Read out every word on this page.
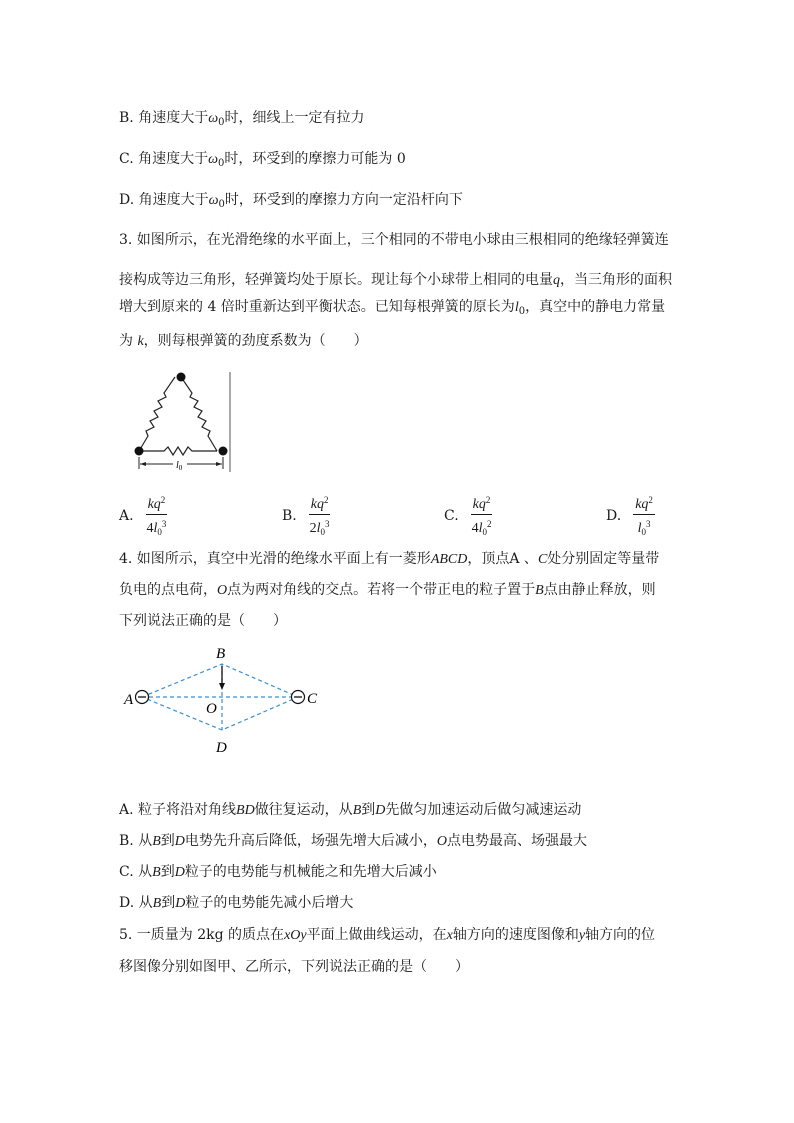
B. 角速度大于$\omega_0$时，细线上一定有拉力
C. 角速度大于$\omega_0$时，环受到的摩擦力可能为 0
D. 角速度大于$\omega_0$时，环受到的摩擦力方向一定沿杆向下
3. 如图所示，在光滑绝缘的水平面上，三个相同的不带电小球由三根相同的绝缘轻弹簧连
接构成等边三角形，轻弹簧均处于原长。现让每个小球带上相同的电量q，当三角形的面积
增大到原来的 4 倍时重新达到平衡状态。已知每根弹簧的原长为$l_0$，真空中的静电力常量
为 k，则每根弹簧的劲度系数为（　　）
$l_0$
A. $\frac{kq^2}{4l_0^3}$	B. $\frac{kq^2}{2l_0^3}$	C. $\frac{kq^2}{4l_0^2}$	D. $\frac{kq^2}{l_0^3}$
4. 如图所示，真空中光滑的绝缘水平面上有一菱形ABCD，顶点A 、C处分别固定等量带
负电的点电荷，O点为两对角线的交点。若将一个带正电的粒子置于B点由静止释放，则
下列说法正确的是（　　）
A
B
C
D
O
A. 粒子将沿对角线BD做往复运动，从B到D先做匀加速运动后做匀减速运动
B. 从B到D电势先升高后降低，场强先增大后减小，O点电势最高、场强最大
C. 从B到D粒子的电势能与机械能之和先增大后减小
D. 从B到D粒子的电势能先减小后增大
5. 一质量为 2kg 的质点在xOy平面上做曲线运动，在x轴方向的速度图像和y轴方向的位
移图像分别如图甲、乙所示，下列说法正确的是（　　）
